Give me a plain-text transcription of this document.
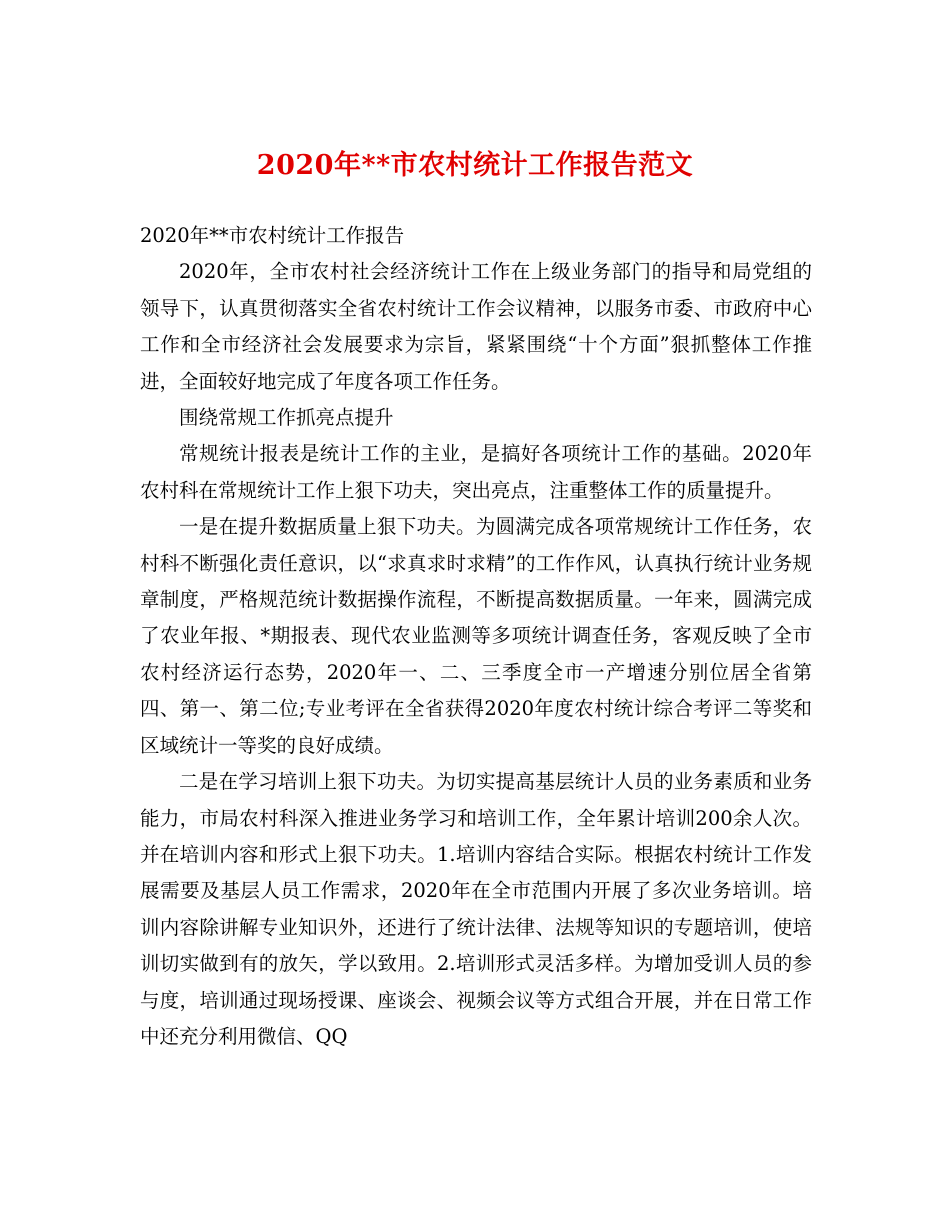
2020年**市农村统计工作报告范文

2020年**市农村统计工作报告

2020年，全市农村社会经济统计工作在上级业务部门的指导和局党组的领导下，认真贯彻落实全省农村统计工作会议精神，以服务市委、市政府中心工作和全市经济社会发展要求为宗旨，紧紧围绕“十个方面”狠抓整体工作推进，全面较好地完成了年度各项工作任务。

围绕常规工作抓亮点提升

常规统计报表是统计工作的主业，是搞好各项统计工作的基础。2020年农村科在常规统计工作上狠下功夫，突出亮点，注重整体工作的质量提升。

一是在提升数据质量上狠下功夫。为圆满完成各项常规统计工作任务，农村科不断强化责任意识，以“求真求时求精”的工作作风，认真执行统计业务规章制度，严格规范统计数据操作流程，不断提高数据质量。一年来，圆满完成了农业年报、*期报表、现代农业监测等多项统计调查任务，客观反映了全市农村经济运行态势，2020年一、二、三季度全市一产增速分别位居全省第四、第一、第二位;专业考评在全省获得2020年度农村统计综合考评二等奖和区域统计一等奖的良好成绩。

二是在学习培训上狠下功夫。为切实提高基层统计人员的业务素质和业务能力，市局农村科深入推进业务学习和培训工作，全年累计培训200余人次。并在培训内容和形式上狠下功夫。1.培训内容结合实际。根据农村统计工作发展需要及基层人员工作需求，2020年在全市范围内开展了多次业务培训。培训内容除讲解专业知识外，还进行了统计法律、法规等知识的专题培训，使培训切实做到有的放矢，学以致用。2.培训形式灵活多样。为增加受训人员的参与度，培训通过现场授课、座谈会、视频会议等方式组合开展，并在日常工作中还充分利用微信、QQ
